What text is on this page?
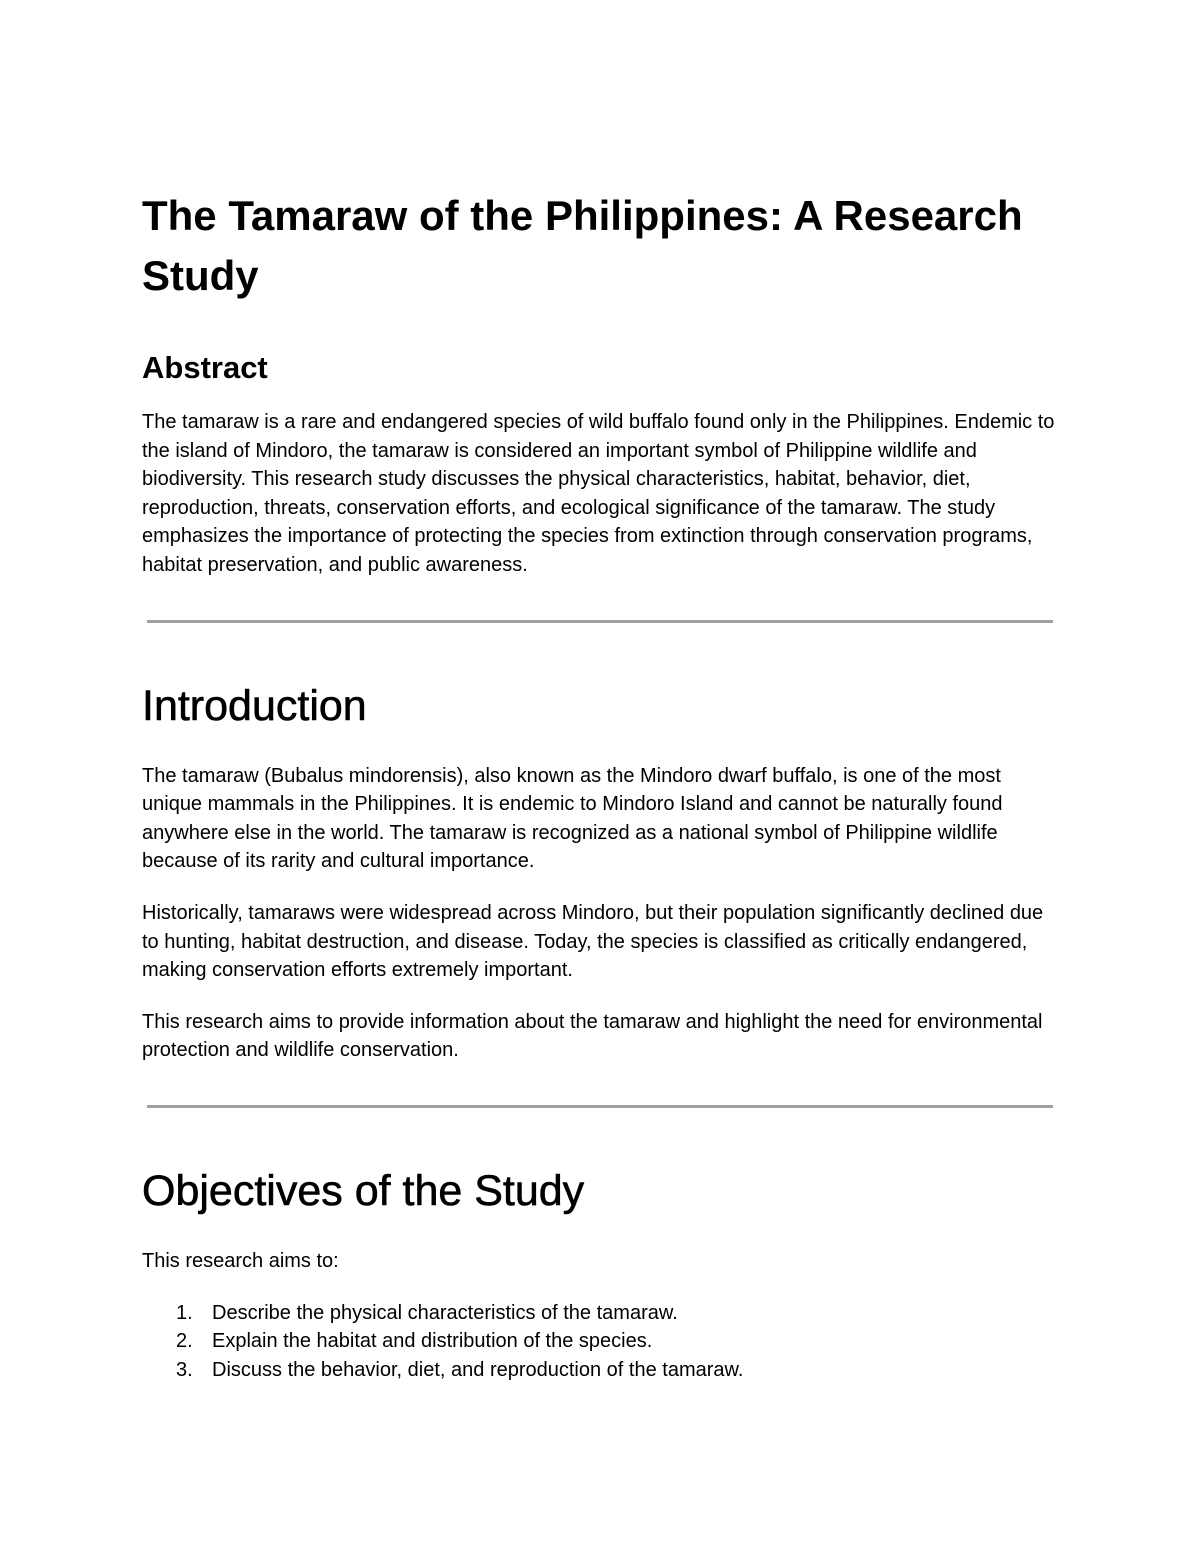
The Tamaraw of the Philippines: A Research Study
Abstract

The tamaraw is a rare and endangered species of wild buffalo found only in the Philippines. Endemic to the island of Mindoro, the tamaraw is considered an important symbol of Philippine wildlife and biodiversity. This research study discusses the physical characteristics, habitat, behavior, diet, reproduction, threats, conservation efforts, and ecological significance of the tamaraw. The study emphasizes the importance of protecting the species from extinction through conservation programs, habitat preservation, and public awareness.

Introduction

The tamaraw (Bubalus mindorensis), also known as the Mindoro dwarf buffalo, is one of the most unique mammals in the Philippines. It is endemic to Mindoro Island and cannot be naturally found anywhere else in the world. The tamaraw is recognized as a national symbol of Philippine wildlife because of its rarity and cultural importance.

Historically, tamaraws were widespread across Mindoro, but their population significantly declined due to hunting, habitat destruction, and disease. Today, the species is classified as critically endangered, making conservation efforts extremely important.

This research aims to provide information about the tamaraw and highlight the need for environmental protection and wildlife conservation.

Objectives of the Study

This research aims to:

1. Describe the physical characteristics of the tamaraw.
2. Explain the habitat and distribution of the species.
3. Discuss the behavior, diet, and reproduction of the tamaraw.
